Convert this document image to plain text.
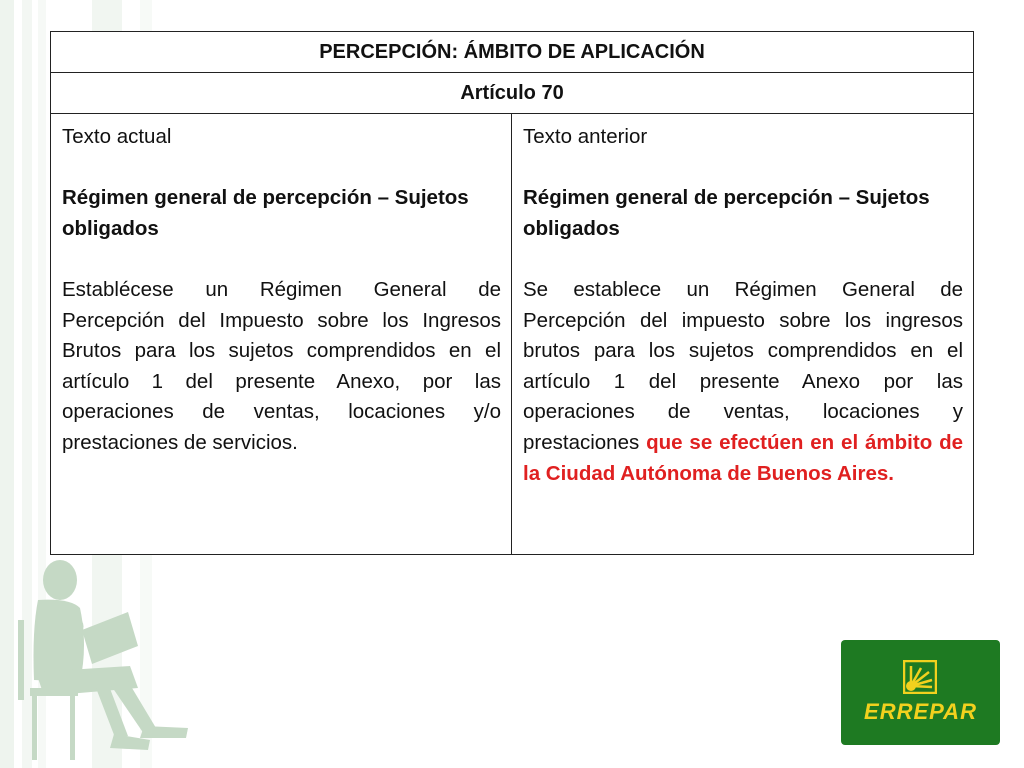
PERCEPCIÓN: ÁMBITO DE APLICACIÓN
Artículo 70

Texto actual

Régimen general de percepción – Sujetos obligados

Establécese un Régimen General de Percepción del Impuesto sobre los Ingresos Brutos para los sujetos comprendidos en el artículo 1 del presente Anexo, por las operaciones de ventas, locaciones y/o prestaciones de servicios.

Texto anterior

Régimen general de percepción – Sujetos obligados

Se establece un Régimen General de Percepción del impuesto sobre los ingresos brutos para los sujetos comprendidos en el artículo 1 del presente Anexo por las operaciones de ventas, locaciones y prestaciones que se efectúen en el ámbito de la Ciudad Autónoma de Buenos Aires.

ERREPAR
